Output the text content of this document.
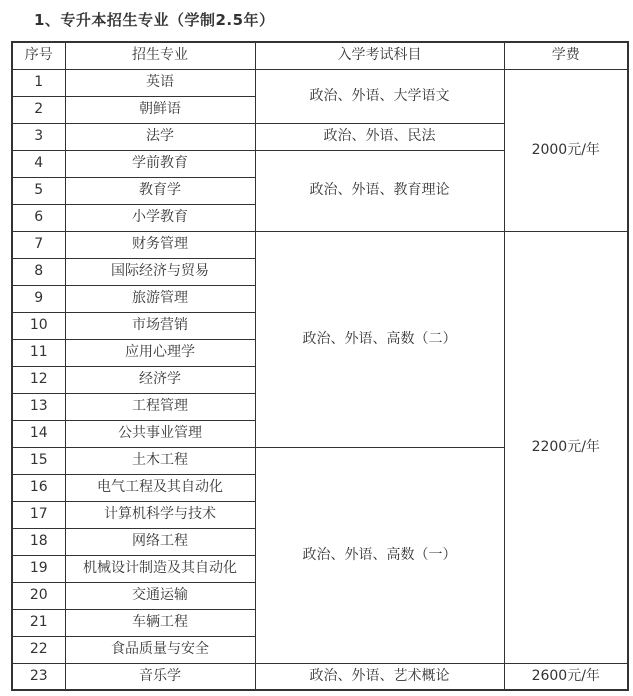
1、专升本招生专业（学制2.5年）
序号	招生专业	入学考试科目	学费
1	英语	政治、外语、大学语文	2000元/年
2	朝鲜语		
3	法学	政治、外语、民法	
4	学前教育	政治、外语、教育理论	
5	教育学		
6	小学教育		
7	财务管理	政治、外语、高数（二）	2200元/年
8	国际经济与贸易		
9	旅游管理		
10	市场营销		
11	应用心理学		
12	经济学		
13	工程管理		
14	公共事业管理		
15	土木工程	政治、外语、高数（一）	
16	电气工程及其自动化		
17	计算机科学与技术		
18	网络工程		
19	机械设计制造及其自动化		
20	交通运输		
21	车辆工程		
22	食品质量与安全		
23	音乐学	政治、外语、艺术概论	2600元/年
